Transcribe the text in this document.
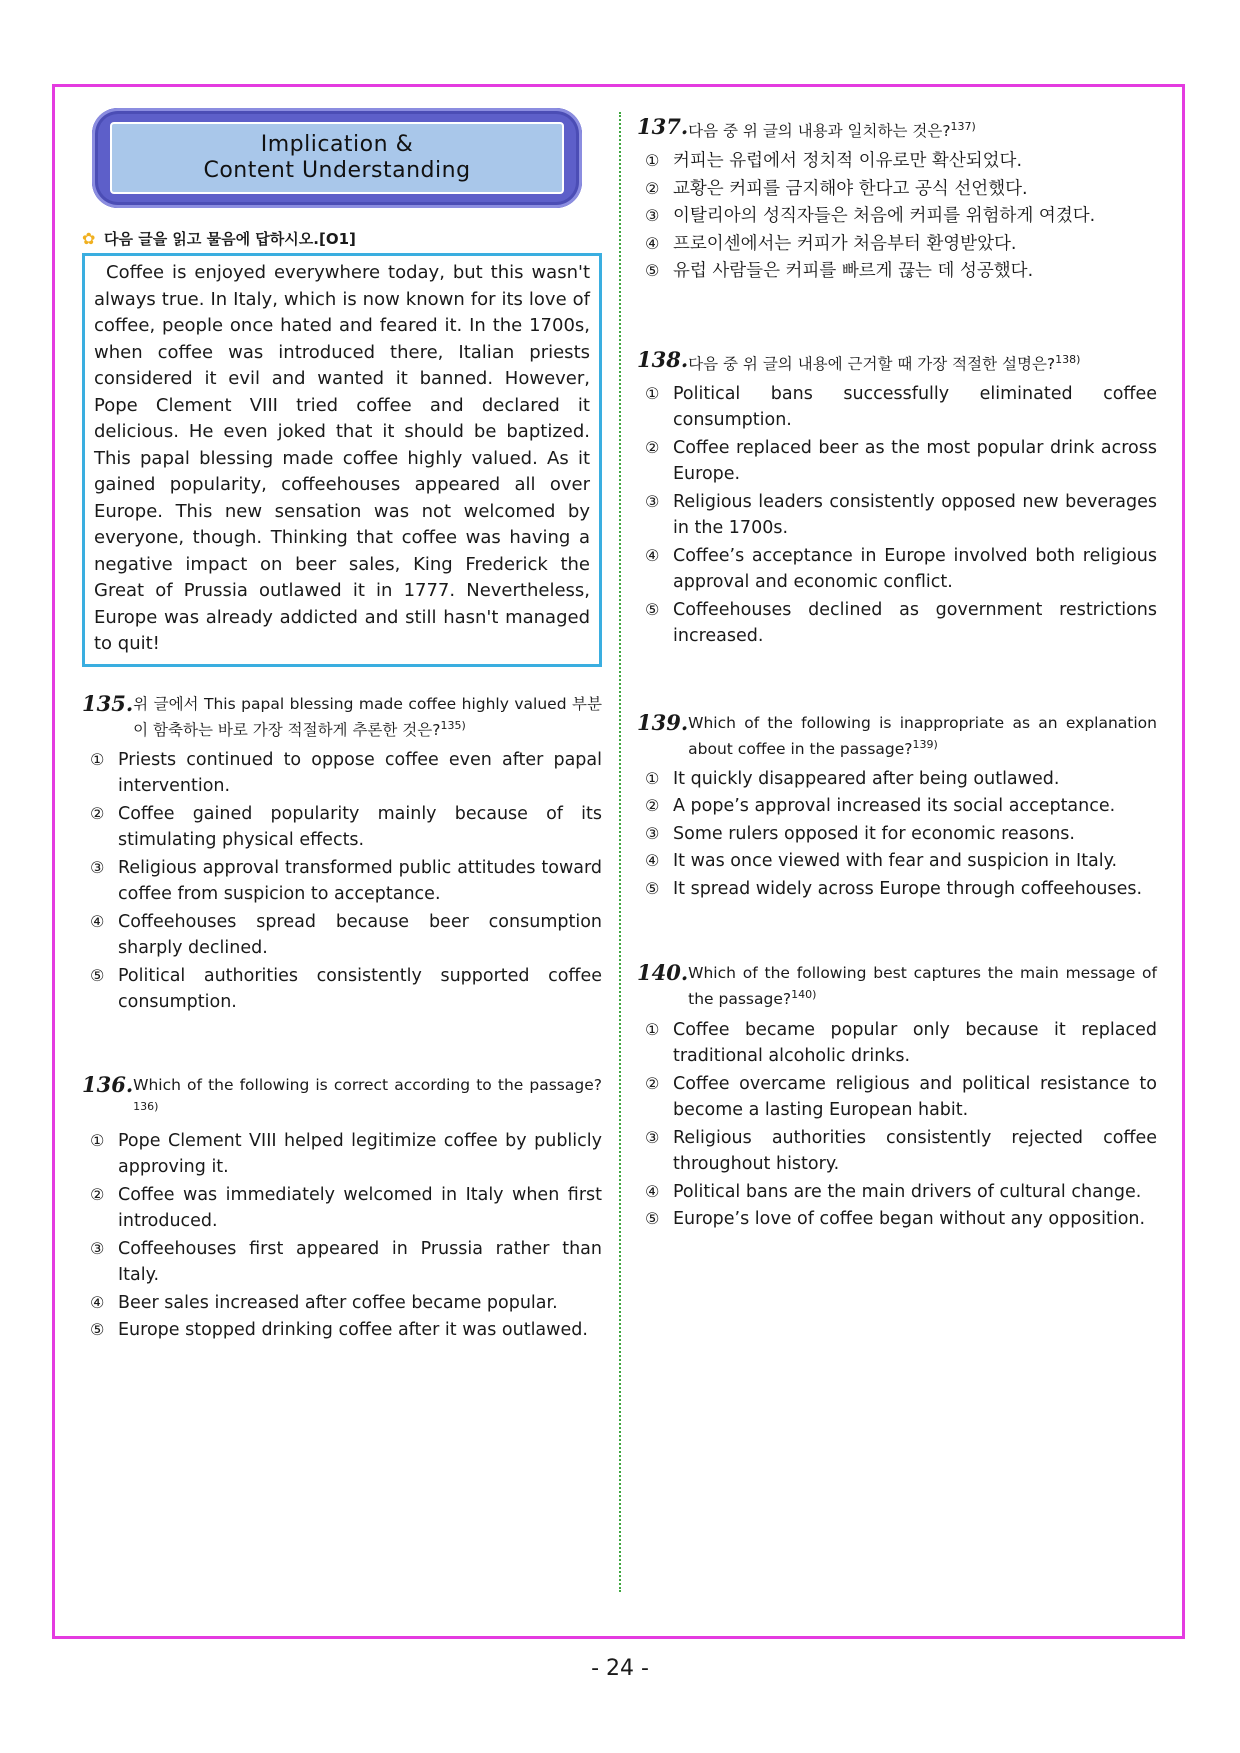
Implication &
Content Understanding
✿ 다음 글을 읽고 물음에 답하시오.[O1]
Coffee is enjoyed everywhere today, but this wasn't always true. In Italy, which is now known for its love of coffee, people once hated and feared it. In the 1700s, when coffee was introduced there, Italian priests considered it evil and wanted it banned. However, Pope Clement VIII tried coffee and declared it delicious. He even joked that it should be baptized. This papal blessing made coffee highly valued. As it gained popularity, coffeehouses appeared all over Europe. This new sensation was not welcomed by everyone, though. Thinking that coffee was having a negative impact on beer sales, King Frederick the Great of Prussia outlawed it in 1777. Nevertheless, Europe was already addicted and still hasn't managed to quit!
135. 위 글에서 This papal blessing made coffee highly valued 부분이 함축하는 바로 가장 적절하게 추론한 것은?$^{135)}$
① Priests continued to oppose coffee even after papal intervention.
② Coffee gained popularity mainly because of its stimulating physical effects.
③ Religious approval transformed public attitudes toward coffee from suspicion to acceptance.
④ Coffeehouses spread because beer consumption sharply declined.
⑤ Political authorities consistently supported coffee consumption.
136. Which of the following is correct according to the passage?$^{136)}$
① Pope Clement VIII helped legitimize coffee by publicly approving it.
② Coffee was immediately welcomed in Italy when first introduced.
③ Coffeehouses first appeared in Prussia rather than Italy.
④ Beer sales increased after coffee became popular.
⑤ Europe stopped drinking coffee after it was outlawed.
137. 다음 중 위 글의 내용과 일치하는 것은?$^{137)}$
① 커피는 유럽에서 정치적 이유로만 확산되었다.
② 교황은 커피를 금지해야 한다고 공식 선언했다.
③ 이탈리아의 성직자들은 처음에 커피를 위험하게 여겼다.
④ 프로이센에서는 커피가 처음부터 환영받았다.
⑤ 유럽 사람들은 커피를 빠르게 끊는 데 성공했다.
138. 다음 중 위 글의 내용에 근거할 때 가장 적절한 설명은?$^{138)}$
① Political bans successfully eliminated coffee consumption.
② Coffee replaced beer as the most popular drink across Europe.
③ Religious leaders consistently opposed new beverages in the 1700s.
④ Coffee’s acceptance in Europe involved both religious approval and economic conflict.
⑤ Coffeehouses declined as government restrictions increased.
139. Which of the following is inappropriate as an explanation about coffee in the passage?$^{139)}$
① It quickly disappeared after being outlawed.
② A pope’s approval increased its social acceptance.
③ Some rulers opposed it for economic reasons.
④ It was once viewed with fear and suspicion in Italy.
⑤ It spread widely across Europe through coffeehouses.
140. Which of the following best captures the main message of the passage?$^{140)}$
① Coffee became popular only because it replaced traditional alcoholic drinks.
② Coffee overcame religious and political resistance to become a lasting European habit.
③ Religious authorities consistently rejected coffee throughout history.
④ Political bans are the main drivers of cultural change.
⑤ Europe’s love of coffee began without any opposition.
- 24 -
